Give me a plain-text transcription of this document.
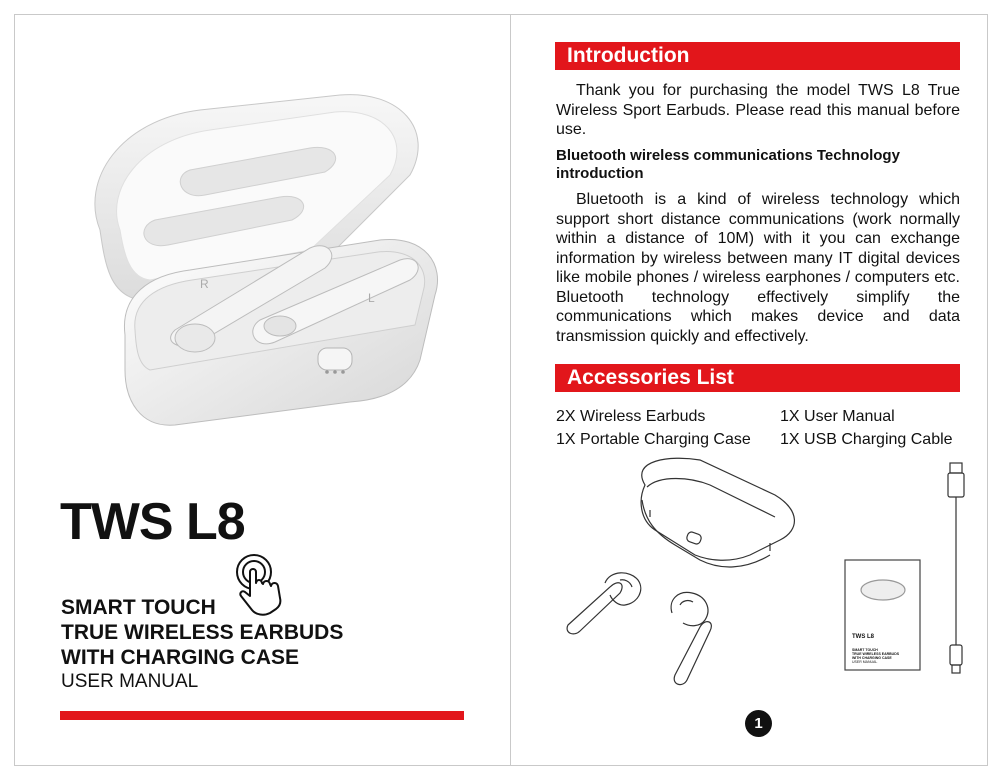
R
L
TWS L8
SMART TOUCH
TRUE WIRELESS EARBUDS
WITH CHARGING CASE
USER MANUAL
Introduction
Thank you for purchasing the model TWS L8 True Wireless Sport Earbuds. Please read this manual before use.
Bluetooth wireless communications Technology introduction
Bluetooth is a kind of wireless technology which support short distance communications (work normally within a distance of 10M) with it you can exchange information by wireless between many IT digital devices like mobile phones / wireless earphones / computers etc. Bluetooth technology effectively simplify the communications which makes device and data transmission quickly and effectively.
Accessories List
2X Wireless Earbuds	1X User Manual
1X Portable Charging Case 1X USB Charging Cable
TWS L8
SMART TOUCH
TRUE WIRELESS EARBUDS
WITH CHARGING CASE
USER MANUAL
1
